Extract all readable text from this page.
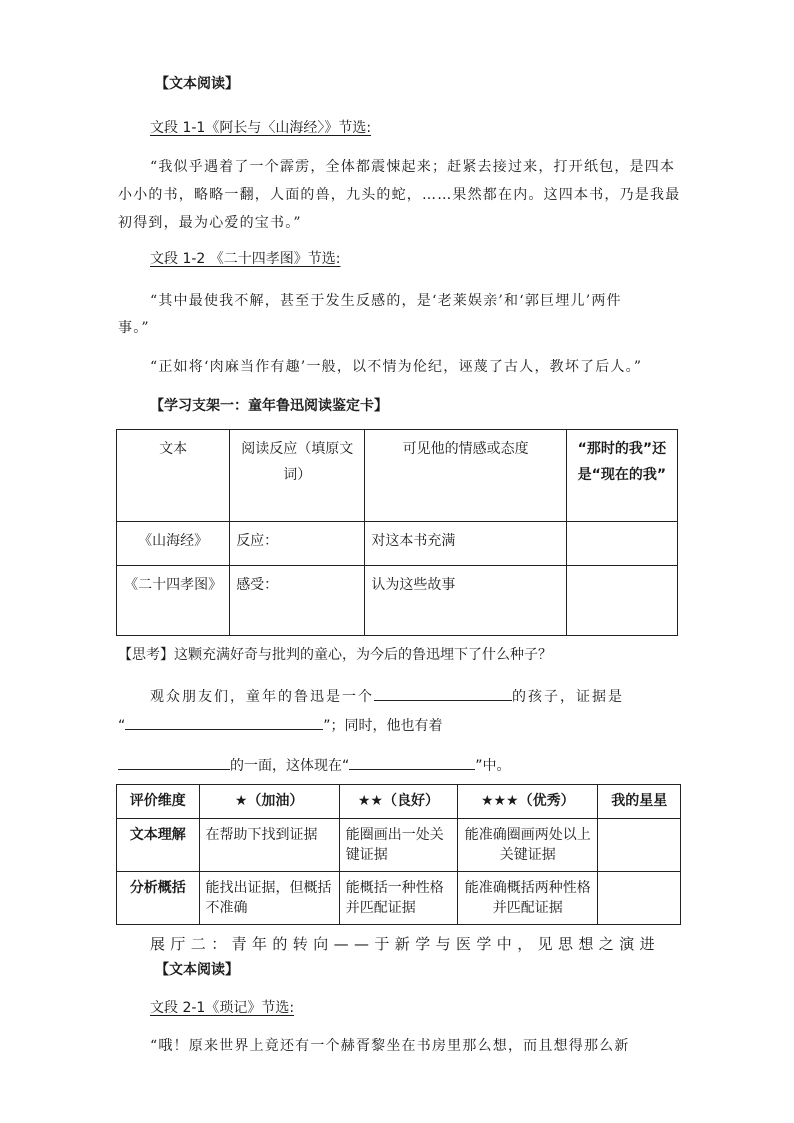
【文本阅读】
文段 1-1《阿长与〈山海经〉》节选:
“我似乎遇着了一个霹雳，全体都震悚起来；赶紧去接过来，打开纸包，是四本
小小的书，略略一翻，人面的兽，九头的蛇，……果然都在内。这四本书，乃是我最
初得到，最为心爱的宝书。”
文段 1-2 《二十四孝图》节选:
“其中最使我不解，甚至于发生反感的，是‘老莱娱亲’和‘郭巨埋儿’两件
事。”
“正如将‘肉麻当作有趣’一般，以不情为伦纪，诬蔑了古人，教坏了后人。”
【学习支架一：童年鲁迅阅读鉴定卡】
文本	阅读反应（填原文词）	可见他的情感或态度	“那时的我”还是“现在的我”
《山海经》	反应：	对这本书充满	
《二十四孝图》	感受：	认为这些故事	
【思考】这颗充满好奇与批判的童心，为今后的鲁迅埋下了什么种子？
观众朋友们，童年的鲁迅是一个	的孩子，证据是
“	”；同时，他也有着
的一面，这体现在“	”中。
评价维度	★（加油）	★★（良好）	★★★（优秀）	我的星星
文本理解	在帮助下找到证据	能圈画出一处关键证据	能准确圈画两处以上关键证据	
分析概括	能找出证据，但概括不准确	能概括一种性格并匹配证据	能准确概括两种性格并匹配证据	
展厅二：青年的转向——于新学与医学中，见思想之演进
【文本阅读】
文段 2-1《琐记》节选:
“哦！原来世界上竟还有一个赫胥黎坐在书房里那么想，而且想得那么新
